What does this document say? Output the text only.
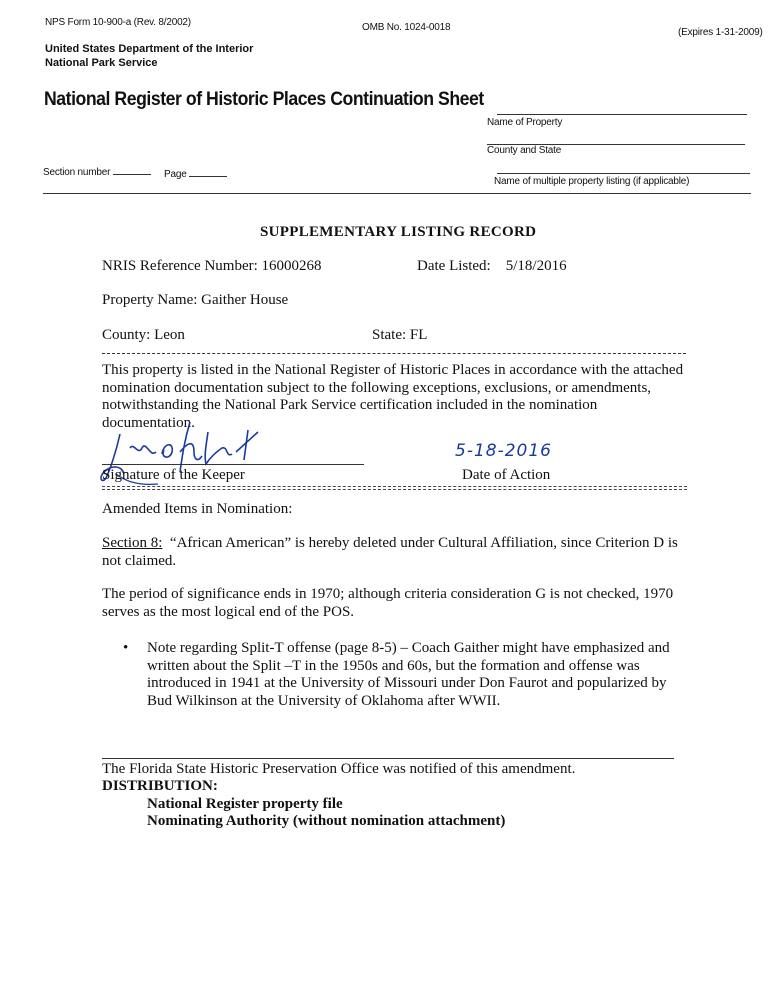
NPS Form 10-900-a (Rev. 8/2002)	OMB No. 1024-0018	(Expires 1-31-2009)
United States Department of the Interior
National Park Service
National Register of Historic Places Continuation Sheet
Name of Property
County and State
Name of multiple property listing (if applicable)
Section number	Page
SUPPLEMENTARY LISTING RECORD
NRIS Reference Number: 16000268	Date Listed: 5/18/2016
Property Name: Gaither House
County: Leon	State: FL
This property is listed in the National Register of Historic Places in accordance with the attached nomination documentation subject to the following exceptions, exclusions, or amendments, notwithstanding the National Park Service certification included in the nomination documentation.
Signature of the Keeper
5-18-2016
Date of Action
Amended Items in Nomination:
Section 8: “African American” is hereby deleted under Cultural Affiliation, since Criterion D is not claimed.
The period of significance ends in 1970; although criteria consideration G is not checked, 1970 serves as the most logical end of the POS.
• Note regarding Split-T offense (page 8-5) – Coach Gaither might have emphasized and written about the Split –T in the 1950s and 60s, but the formation and offense was introduced in 1941 at the University of Missouri under Don Faurot and popularized by Bud Wilkinson at the University of Oklahoma after WWII.
The Florida State Historic Preservation Office was notified of this amendment.
DISTRIBUTION:
National Register property file
Nominating Authority (without nomination attachment)
